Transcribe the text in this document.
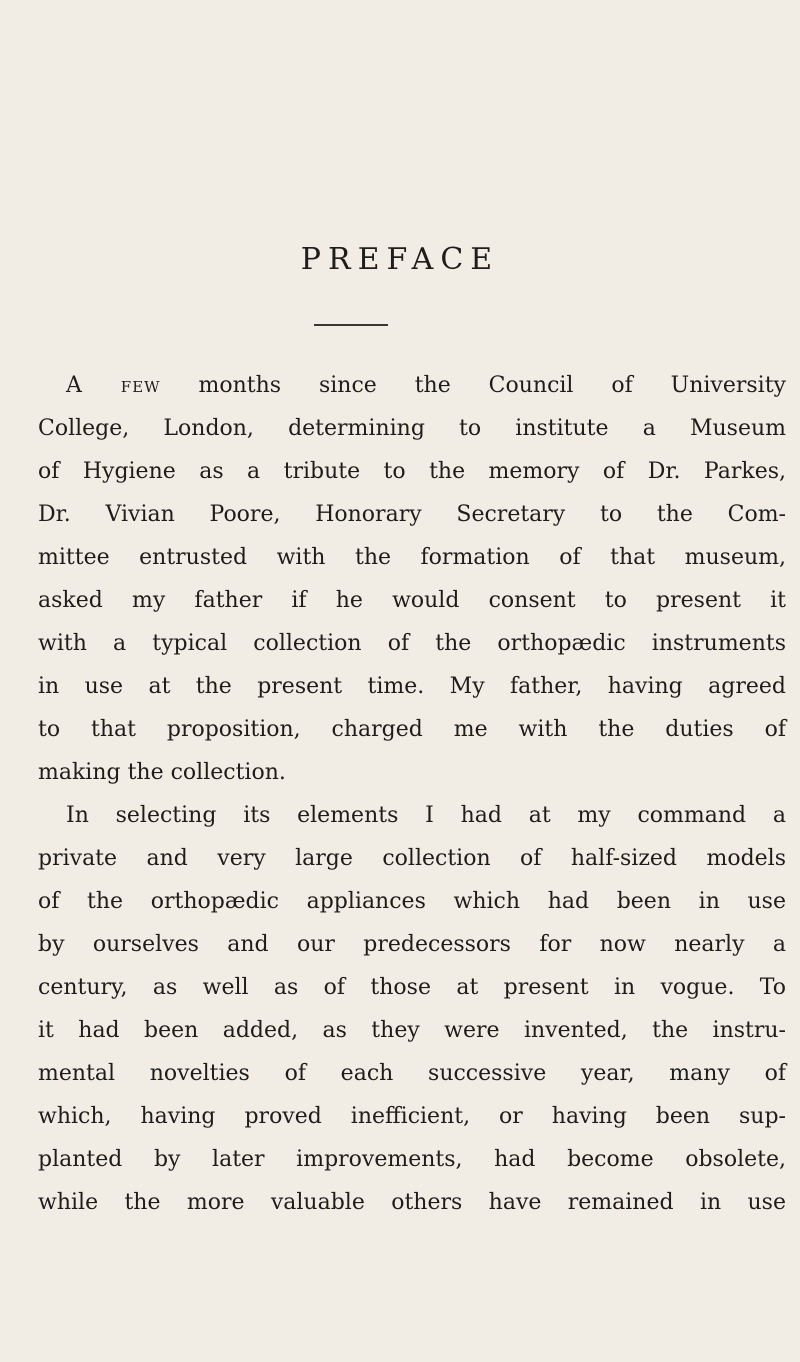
PREFACE

A few months since the Council of University
College, London, determining to institute a Museum
of Hygiene as a tribute to the memory of Dr. Parkes,
Dr. Vivian Poore, Honorary Secretary to the Com-
mittee entrusted with the formation of that museum,
asked my father if he would consent to present it
with a typical collection of the orthopædic instruments
in use at the present time. My father, having agreed
to that proposition, charged me with the duties of
making the collection.

In selecting its elements I had at my command a
private and very large collection of half-sized models
of the orthopædic appliances which had been in use
by ourselves and our predecessors for now nearly a
century, as well as of those at present in vogue. To
it had been added, as they were invented, the instru-
mental novelties of each successive year, many of
which, having proved inefficient, or having been sup-
planted by later improvements, had become obsolete,
while the more valuable others have remained in use
